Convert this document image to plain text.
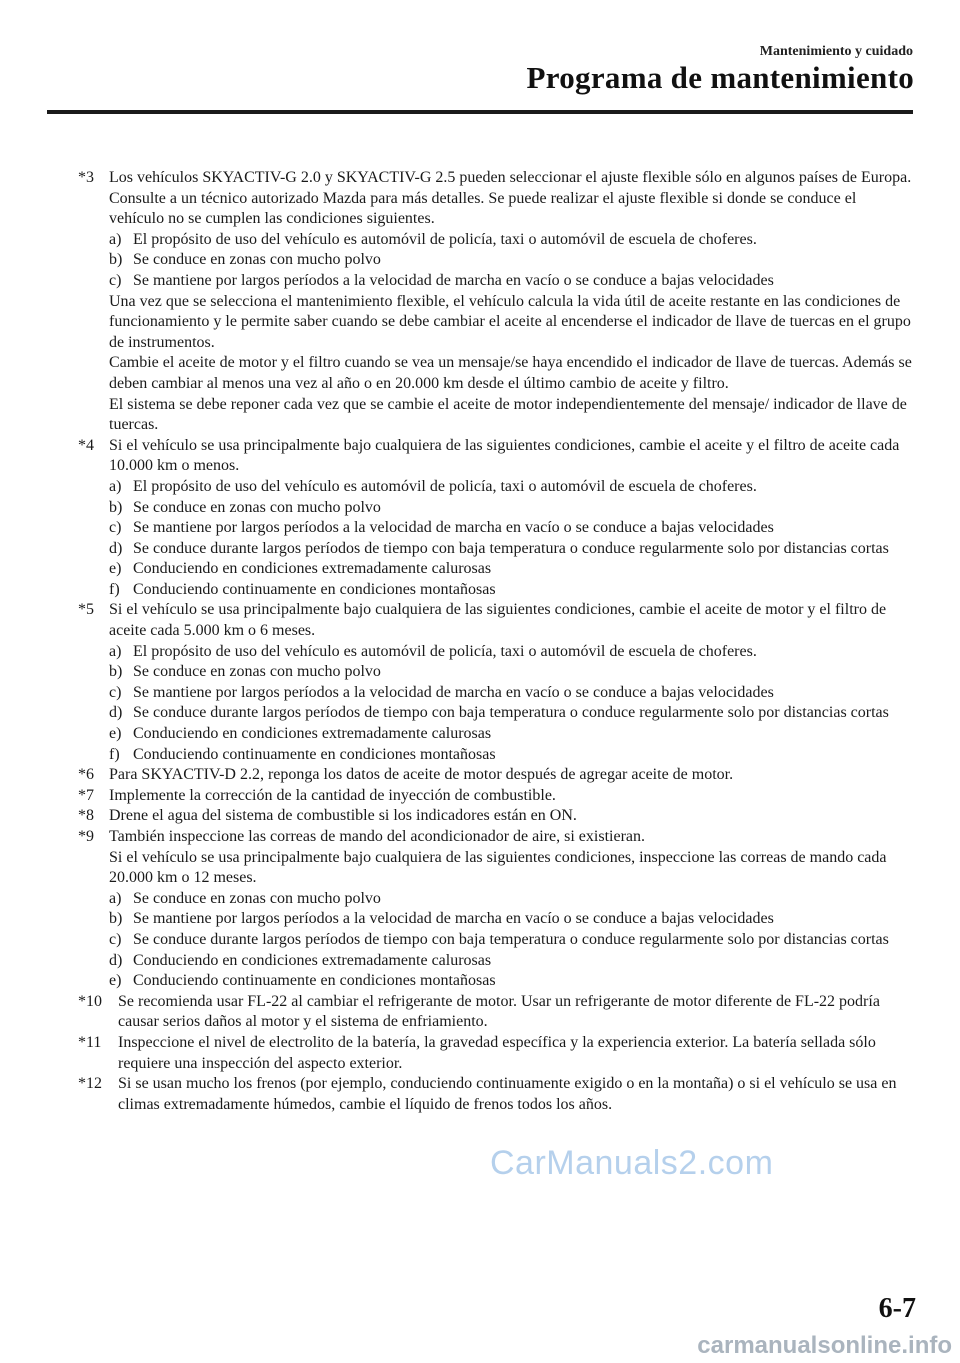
Mantenimiento y cuidado
Programa de mantenimiento
*3 Los vehículos SKYACTIV-G 2.0 y SKYACTIV-G 2.5 pueden seleccionar el ajuste flexible sólo en algunos países de Europa. Consulte a un técnico autorizado Mazda para más detalles. Se puede realizar el ajuste flexible si donde se conduce el vehículo no se cumplen las condiciones siguientes.
a) El propósito de uso del vehículo es automóvil de policía, taxi o automóvil de escuela de choferes.
b) Se conduce en zonas con mucho polvo
c) Se mantiene por largos períodos a la velocidad de marcha en vacío o se conduce a bajas velocidades
Una vez que se selecciona el mantenimiento flexible, el vehículo calcula la vida útil de aceite restante en las condiciones de funcionamiento y le permite saber cuando se debe cambiar el aceite al encenderse el indicador de llave de tuercas en el grupo de instrumentos.
Cambie el aceite de motor y el filtro cuando se vea un mensaje/se haya encendido el indicador de llave de tuercas. Además se deben cambiar al menos una vez al año o en 20.000 km desde el último cambio de aceite y filtro.
El sistema se debe reponer cada vez que se cambie el aceite de motor independientemente del mensaje/ indicador de llave de tuercas.
*4 Si el vehículo se usa principalmente bajo cualquiera de las siguientes condiciones, cambie el aceite y el filtro de aceite cada 10.000 km o menos.
a) El propósito de uso del vehículo es automóvil de policía, taxi o automóvil de escuela de choferes.
b) Se conduce en zonas con mucho polvo
c) Se mantiene por largos períodos a la velocidad de marcha en vacío o se conduce a bajas velocidades
d) Se conduce durante largos períodos de tiempo con baja temperatura o conduce regularmente solo por distancias cortas
e) Conduciendo en condiciones extremadamente calurosas
f) Conduciendo continuamente en condiciones montañosas
*5 Si el vehículo se usa principalmente bajo cualquiera de las siguientes condiciones, cambie el aceite de motor y el filtro de aceite cada 5.000 km o 6 meses.
a) El propósito de uso del vehículo es automóvil de policía, taxi o automóvil de escuela de choferes.
b) Se conduce en zonas con mucho polvo
c) Se mantiene por largos períodos a la velocidad de marcha en vacío o se conduce a bajas velocidades
d) Se conduce durante largos períodos de tiempo con baja temperatura o conduce regularmente solo por distancias cortas
e) Conduciendo en condiciones extremadamente calurosas
f) Conduciendo continuamente en condiciones montañosas
*6 Para SKYACTIV-D 2.2, reponga los datos de aceite de motor después de agregar aceite de motor.
*7 Implemente la corrección de la cantidad de inyección de combustible.
*8 Drene el agua del sistema de combustible si los indicadores están en ON.
*9 También inspeccione las correas de mando del acondicionador de aire, si existieran.
Si el vehículo se usa principalmente bajo cualquiera de las siguientes condiciones, inspeccione las correas de mando cada 20.000 km o 12 meses.
a) Se conduce en zonas con mucho polvo
b) Se mantiene por largos períodos a la velocidad de marcha en vacío o se conduce a bajas velocidades
c) Se conduce durante largos períodos de tiempo con baja temperatura o conduce regularmente solo por distancias cortas
d) Conduciendo en condiciones extremadamente calurosas
e) Conduciendo continuamente en condiciones montañosas
*10 Se recomienda usar FL-22 al cambiar el refrigerante de motor. Usar un refrigerante de motor diferente de FL-22 podría causar serios daños al motor y el sistema de enfriamiento.
*11 Inspeccione el nivel de electrolito de la batería, la gravedad específica y la experiencia exterior. La batería sellada sólo requiere una inspección del aspecto exterior.
*12 Si se usan mucho los frenos (por ejemplo, conduciendo continuamente exigido o en la montaña) o si el vehículo se usa en climas extremadamente húmedos, cambie el líquido de frenos todos los años.
6-7
CarManuals2.com
carmanualsonline.info
